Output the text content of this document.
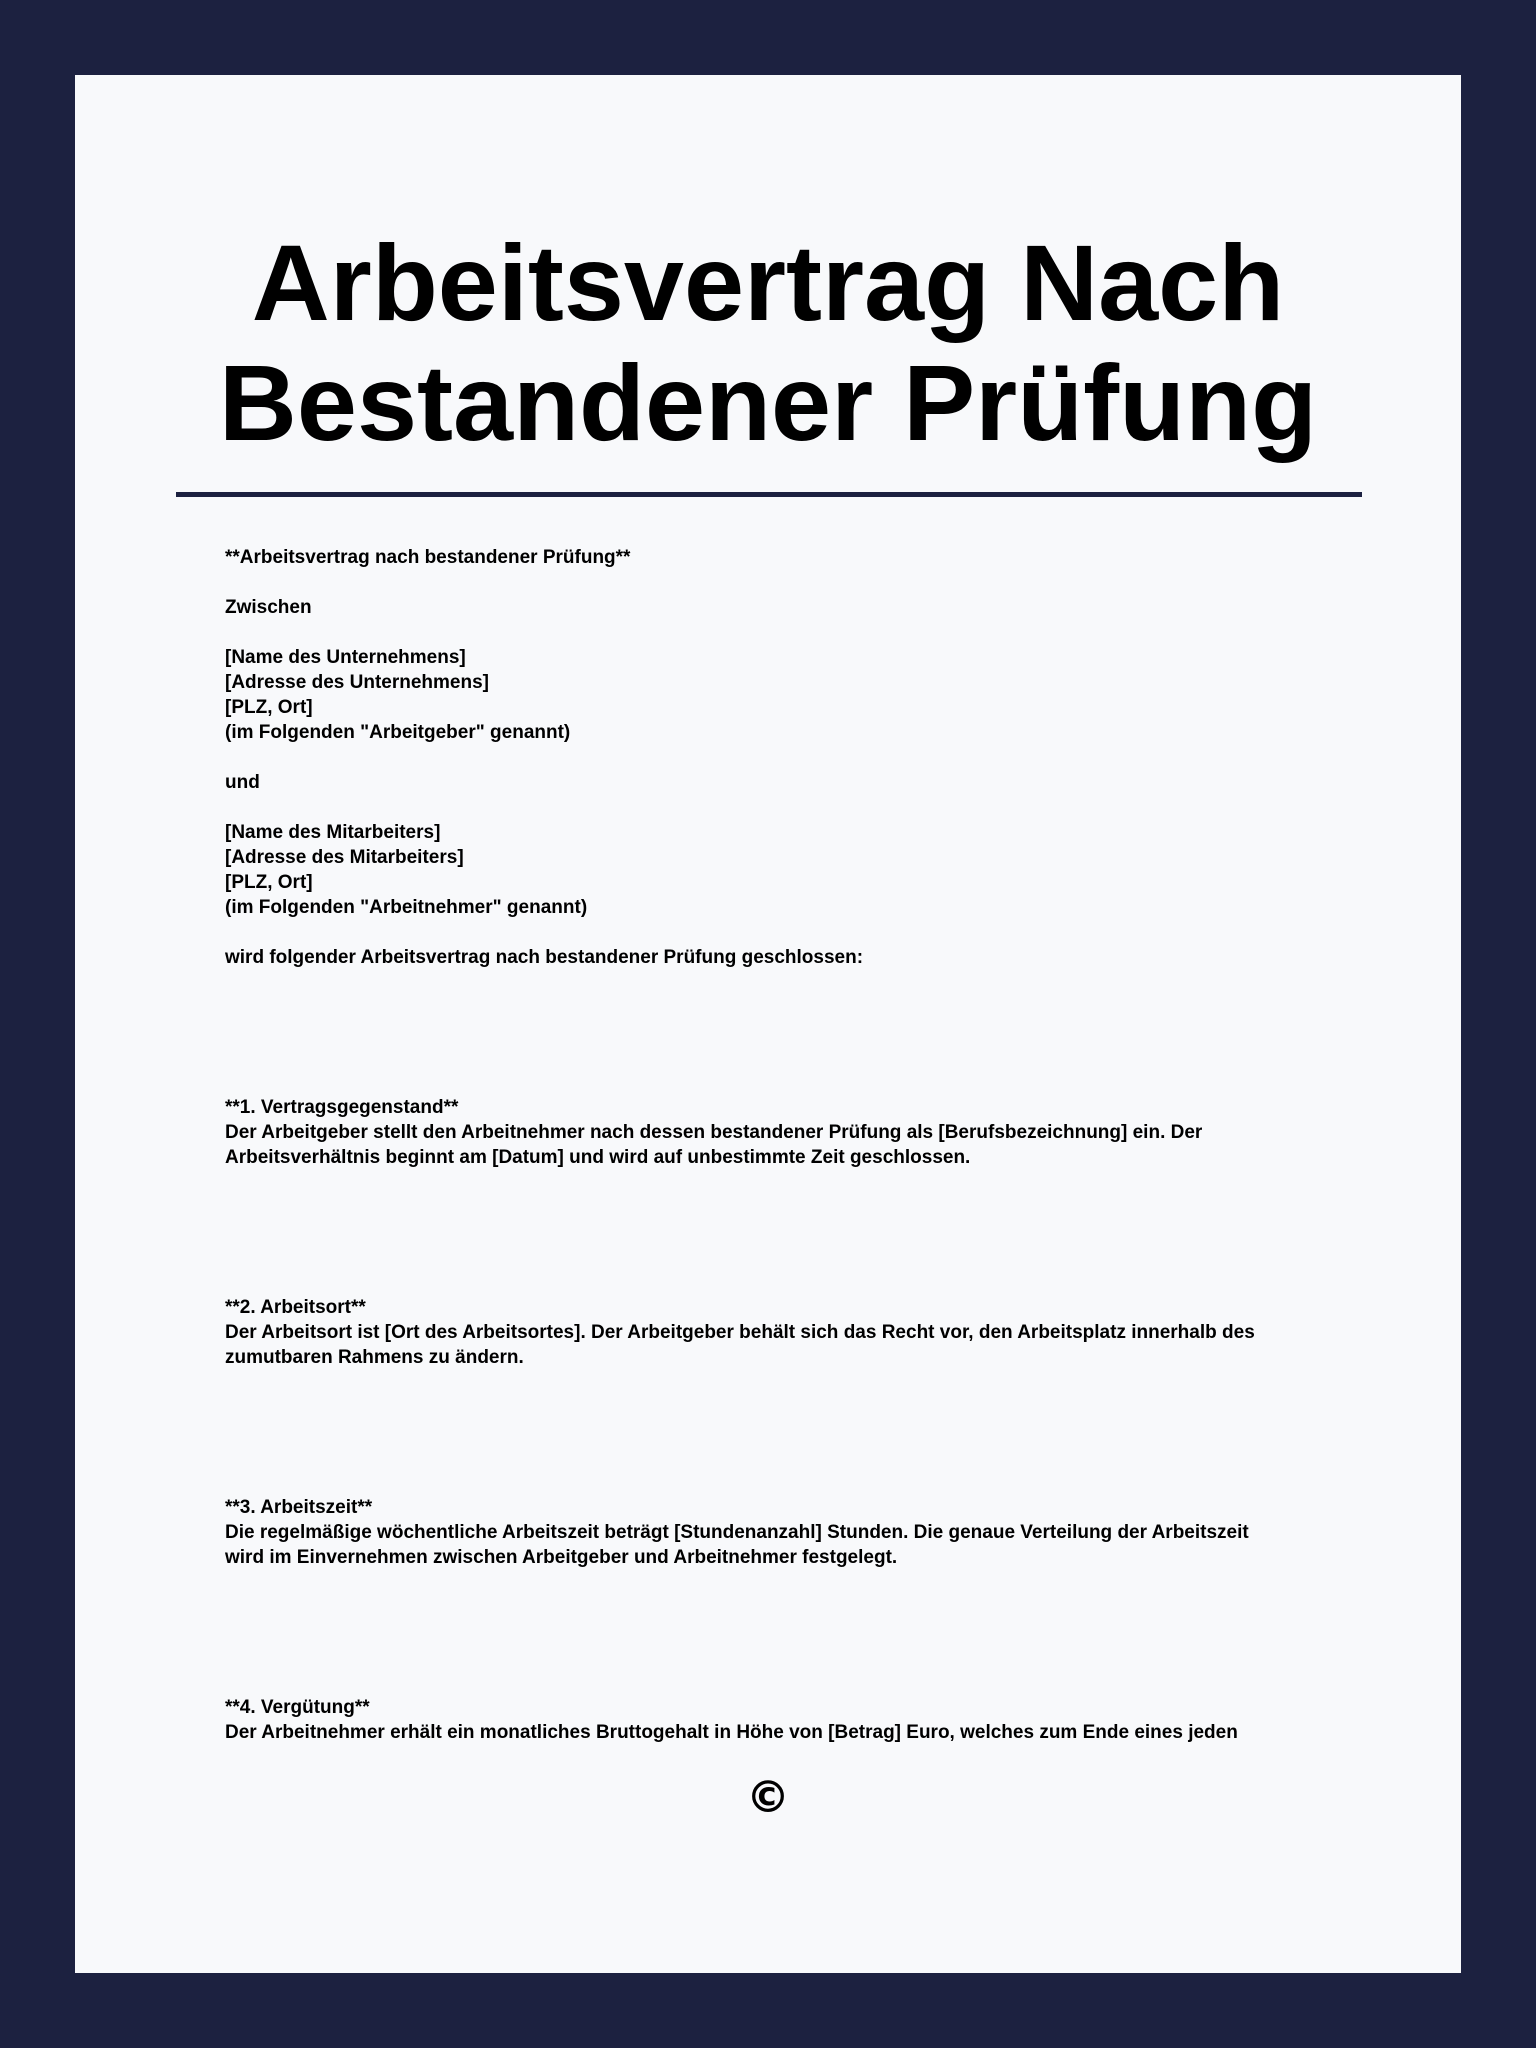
Arbeitsvertrag Nach
Bestandener Prüfung

**Arbeitsvertrag nach bestandener Prüfung**

Zwischen

[Name des Unternehmens]

[Adresse des Unternehmens]

[PLZ, Ort]

(im Folgenden "Arbeitgeber" genannt)

und

[Name des Mitarbeiters]

[Adresse des Mitarbeiters]

[PLZ, Ort]

(im Folgenden "Arbeitnehmer" genannt)

wird folgender Arbeitsvertrag nach bestandener Prüfung geschlossen:

**1. Vertragsgegenstand**

Der Arbeitgeber stellt den Arbeitnehmer nach dessen bestandener Prüfung als [Berufsbezeichnung] ein. Der

Arbeitsverhältnis beginnt am [Datum] und wird auf unbestimmte Zeit geschlossen.

**2. Arbeitsort**

Der Arbeitsort ist [Ort des Arbeitsortes]. Der Arbeitgeber behält sich das Recht vor, den Arbeitsplatz innerhalb des

zumutbaren Rahmens zu ändern.

**3. Arbeitszeit**

Die regelmäßige wöchentliche Arbeitszeit beträgt [Stundenanzahl] Stunden. Die genaue Verteilung der Arbeitszeit

wird im Einvernehmen zwischen Arbeitgeber und Arbeitnehmer festgelegt.

**4. Vergütung**

Der Arbeitnehmer erhält ein monatliches Bruttogehalt in Höhe von [Betrag] Euro, welches zum Ende eines jeden

©
